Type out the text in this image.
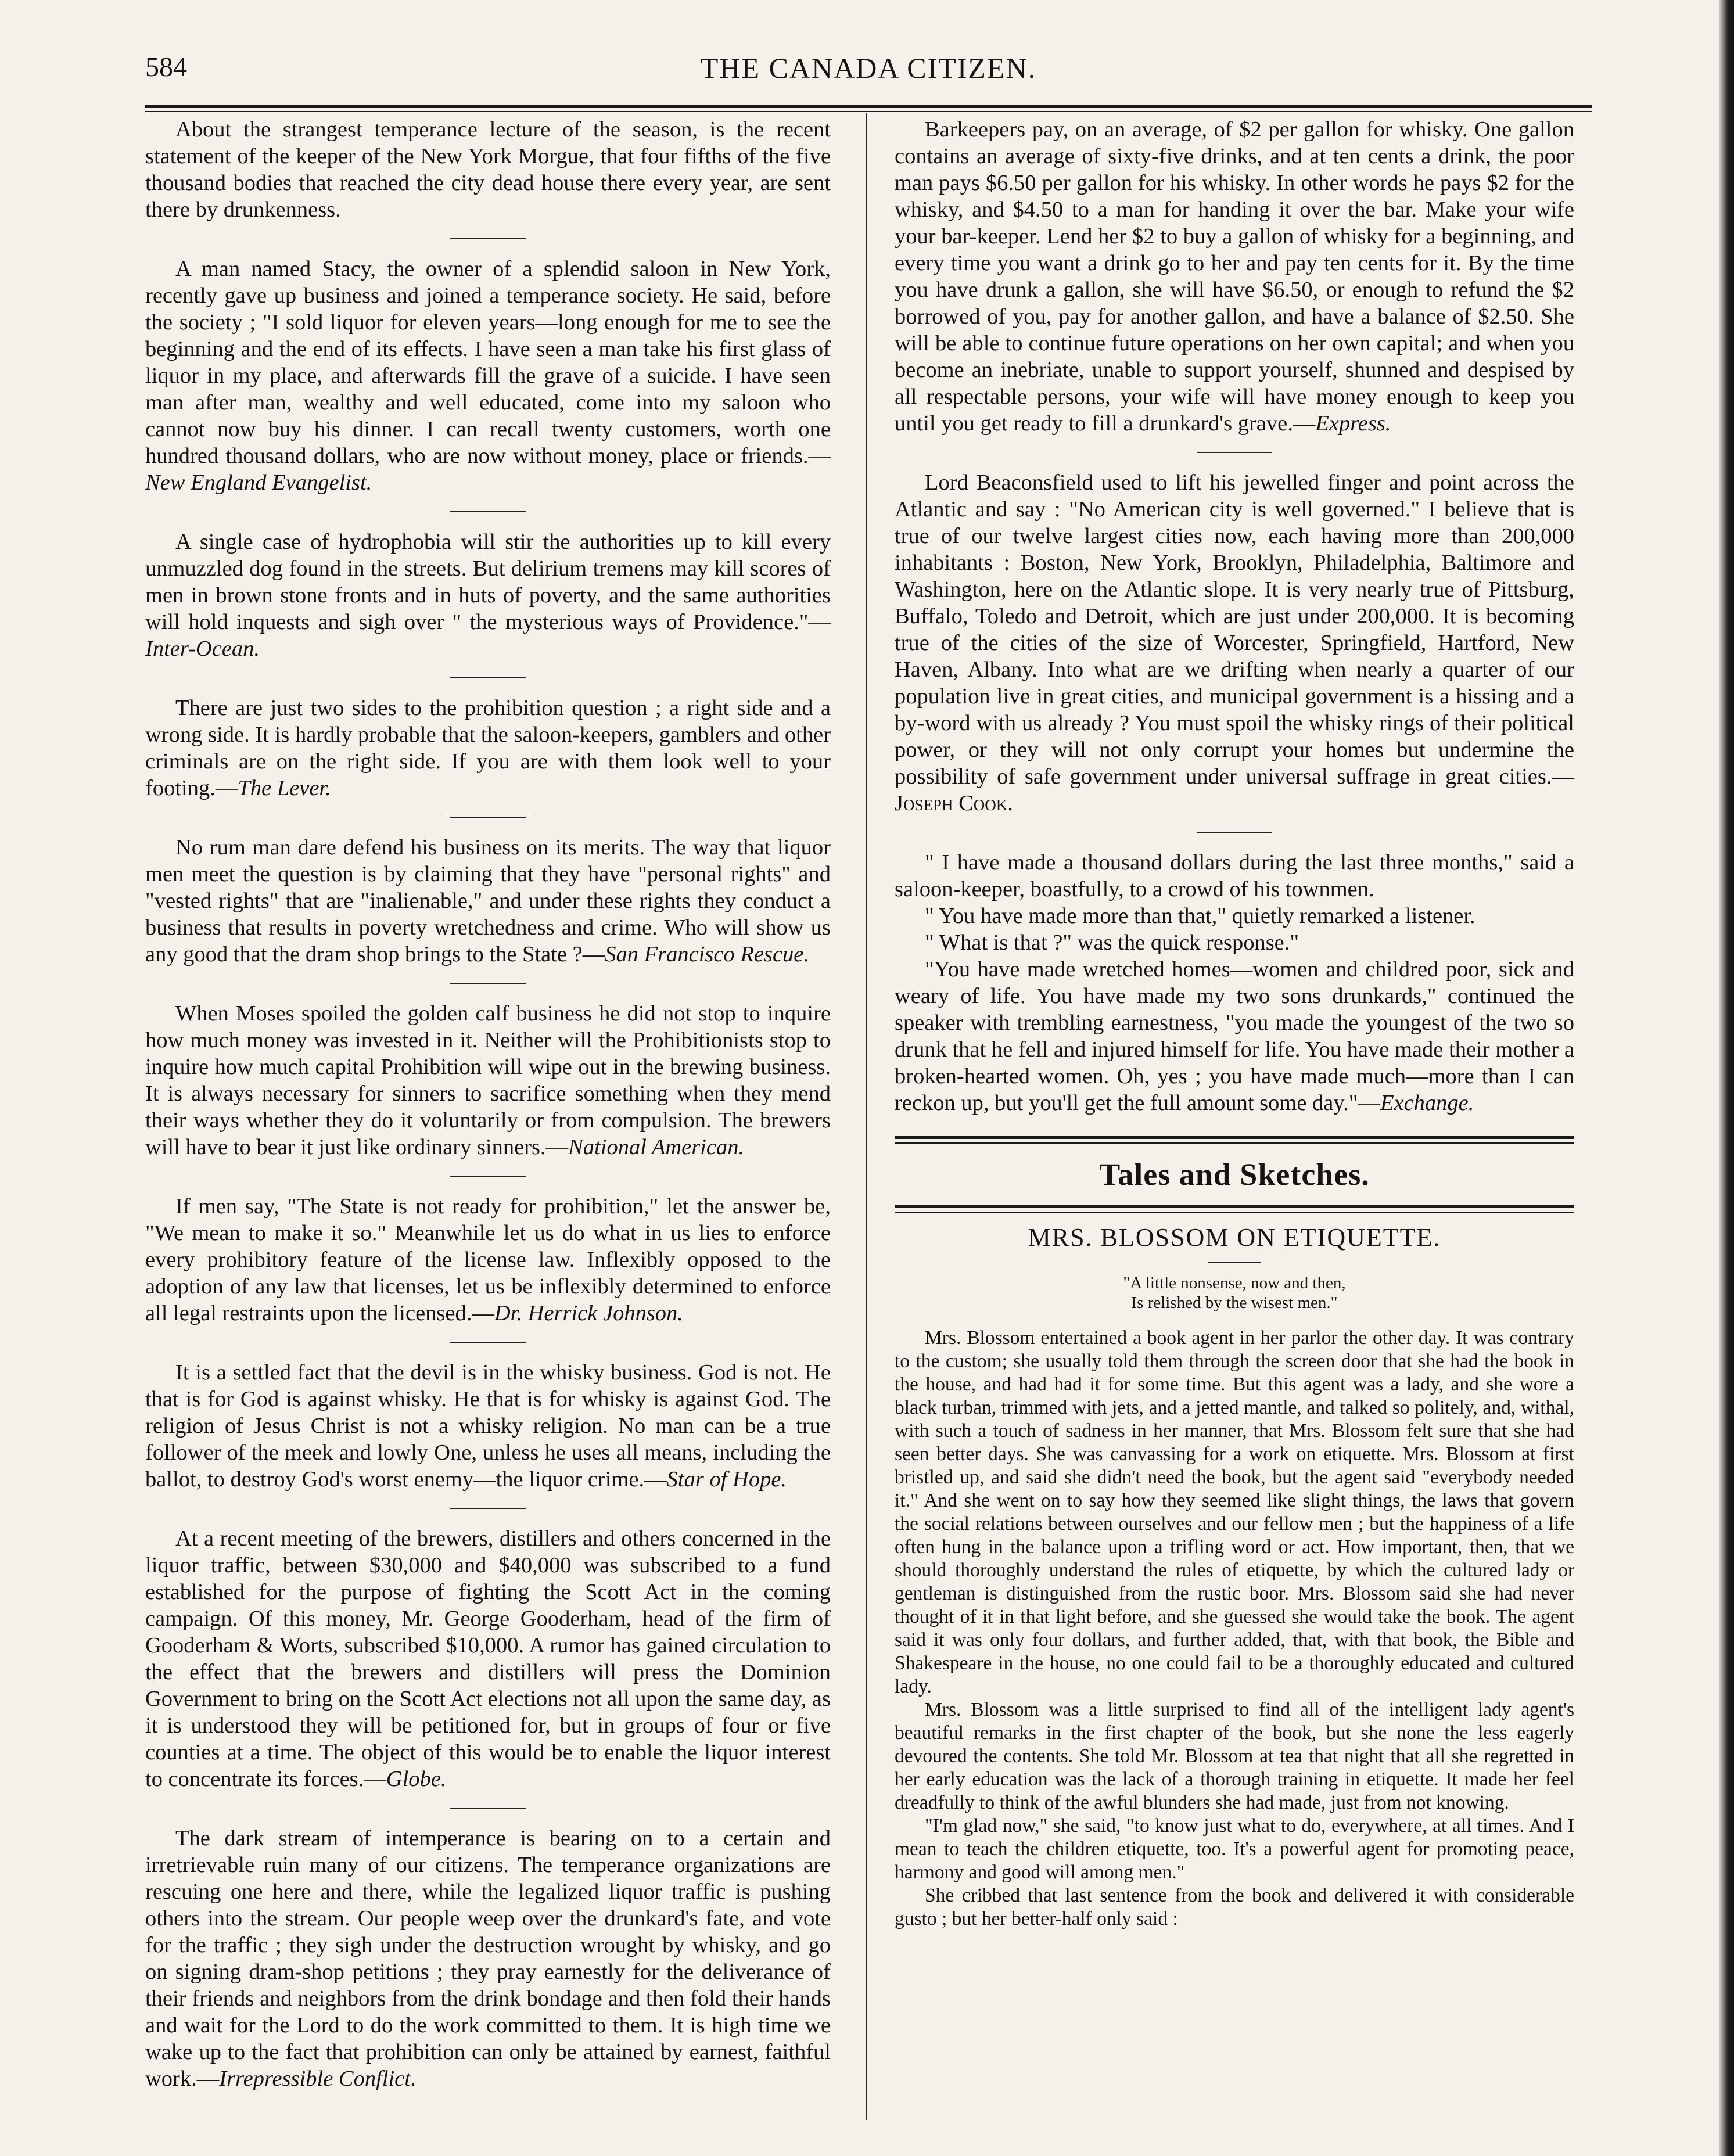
584	THE CANADA CITIZEN.

About the strangest temperance lecture of the season, is the recent statement of the keeper of the New York Morgue, that four fifths of the five thousand bodies that reached the city dead house there every year, are sent there by drunkenness.

A man named Stacy, the owner of a splendid saloon in New York, recently gave up business and joined a temperance society. He said, before the society ; "I sold liquor for eleven years—long enough for me to see the beginning and the end of its effects. I have seen a man take his first glass of liquor in my place, and afterwards fill the grave of a suicide. I have seen man after man, wealthy and well educated, come into my saloon who cannot now buy his dinner. I can recall twenty customers, worth one hundred thousand dollars, who are now without money, place or friends.—New England Evangelist.

A single case of hydrophobia will stir the authorities up to kill every unmuzzled dog found in the streets. But delirium tremens may kill scores of men in brown stone fronts and in huts of poverty, and the same authorities will hold inquests and sigh over " the mysterious ways of Providence."—Inter-Ocean.

There are just two sides to the prohibition question ; a right side and a wrong side. It is hardly probable that the saloon-keepers, gamblers and other criminals are on the right side. If you are with them look well to your footing.—The Lever.

No rum man dare defend his business on its merits. The way that liquor men meet the question is by claiming that they have "personal rights" and "vested rights" that are "inalienable," and under these rights they conduct a business that results in poverty wretchedness and crime. Who will show us any good that the dram shop brings to the State ?—San Francisco Rescue.

When Moses spoiled the golden calf business he did not stop to inquire how much money was invested in it. Neither will the Prohibitionists stop to inquire how much capital Prohibition will wipe out in the brewing business. It is always necessary for sinners to sacrifice something when they mend their ways whether they do it voluntarily or from compulsion. The brewers will have to bear it just like ordinary sinners.—National American.

If men say, "The State is not ready for prohibition," let the answer be, "We mean to make it so." Meanwhile let us do what in us lies to enforce every prohibitory feature of the license law. Inflexibly opposed to the adoption of any law that licenses, let us be inflexibly determined to enforce all legal restraints upon the licensed.—Dr. Herrick Johnson.

It is a settled fact that the devil is in the whisky business. God is not. He that is for God is against whisky. He that is for whisky is against God. The religion of Jesus Christ is not a whisky religion. No man can be a true follower of the meek and lowly One, unless he uses all means, including the ballot, to destroy God's worst enemy—the liquor crime.—Star of Hope.

At a recent meeting of the brewers, distillers and others concerned in the liquor traffic, between $30,000 and $40,000 was subscribed to a fund established for the purpose of fighting the Scott Act in the coming campaign. Of this money, Mr. George Gooderham, head of the firm of Gooderham & Worts, subscribed $10,000. A rumor has gained circulation to the effect that the brewers and distillers will press the Dominion Government to bring on the Scott Act elections not all upon the same day, as it is understood they will be petitioned for, but in groups of four or five counties at a time. The object of this would be to enable the liquor interest to concentrate its forces.—Globe.

The dark stream of intemperance is bearing on to a certain and irretrievable ruin many of our citizens. The temperance organizations are rescuing one here and there, while the legalized liquor traffic is pushing others into the stream. Our people weep over the drunkard's fate, and vote for the traffic ; they sigh under the destruction wrought by whisky, and go on signing dram-shop petitions ; they pray earnestly for the deliverance of their friends and neighbors from the drink bondage and then fold their hands and wait for the Lord to do the work committed to them. It is high time we wake up to the fact that prohibition can only be attained by earnest, faithful work.—Irrepressible Conflict.

Barkeepers pay, on an average, of $2 per gallon for whisky. One gallon contains an average of sixty-five drinks, and at ten cents a drink, the poor man pays $6.50 per gallon for his whisky. In other words he pays $2 for the whisky, and $4.50 to a man for handing it over the bar. Make your wife your bar-keeper. Lend her $2 to buy a gallon of whisky for a beginning, and every time you want a drink go to her and pay ten cents for it. By the time you have drunk a gallon, she will have $6.50, or enough to refund the $2 borrowed of you, pay for another gallon, and have a balance of $2.50. She will be able to continue future operations on her own capital; and when you become an inebriate, unable to support yourself, shunned and despised by all respectable persons, your wife will have money enough to keep you until you get ready to fill a drunkard's grave.—Express.

Lord Beaconsfield used to lift his jewelled finger and point across the Atlantic and say : "No American city is well governed." I believe that is true of our twelve largest cities now, each having more than 200,000 inhabitants : Boston, New York, Brooklyn, Philadelphia, Baltimore and Washington, here on the Atlantic slope. It is very nearly true of Pittsburg, Buffalo, Toledo and Detroit, which are just under 200,000. It is becoming true of the cities of the size of Worcester, Springfield, Hartford, New Haven, Albany. Into what are we drifting when nearly a quarter of our population live in great cities, and municipal government is a hissing and a by-word with us already ? You must spoil the whisky rings of their political power, or they will not only corrupt your homes but undermine the possibility of safe government under universal suffrage in great cities.—Joseph Cook.

" I have made a thousand dollars during the last three months," said a saloon-keeper, boastfully, to a crowd of his townmen.

" You have made more than that," quietly remarked a listener.

" What is that ?" was the quick response."

"You have made wretched homes—women and childred poor, sick and weary of life. You have made my two sons drunkards," continued the speaker with trembling earnestness, "you made the youngest of the two so drunk that he fell and injured himself for life. You have made their mother a broken-hearted women. Oh, yes ; you have made much—more than I can reckon up, but you'll get the full amount some day."—Exchange.

Tales and Sketches.
MRS. BLOSSOM ON ETIQUETTE.
"A little nonsense, now and then,
Is relished by the wisest men."

Mrs. Blossom entertained a book agent in her parlor the other day. It was contrary to the custom; she usually told them through the screen door that she had the book in the house, and had had it for some time. But this agent was a lady, and she wore a black turban, trimmed with jets, and a jetted mantle, and talked so politely, and, withal, with such a touch of sadness in her manner, that Mrs. Blossom felt sure that she had seen better days. She was canvassing for a work on etiquette. Mrs. Blossom at first bristled up, and said she didn't need the book, but the agent said "everybody needed it." And she went on to say how they seemed like slight things, the laws that govern the social relations between ourselves and our fellow men ; but the happiness of a life often hung in the balance upon a trifling word or act. How important, then, that we should thoroughly understand the rules of etiquette, by which the cultured lady or gentleman is distinguished from the rustic boor. Mrs. Blossom said she had never thought of it in that light before, and she guessed she would take the book. The agent said it was only four dollars, and further added, that, with that book, the Bible and Shakespeare in the house, no one could fail to be a thoroughly educated and cultured lady.

Mrs. Blossom was a little surprised to find all of the intelligent lady agent's beautiful remarks in the first chapter of the book, but she none the less eagerly devoured the contents. She told Mr. Blossom at tea that night that all she regretted in her early education was the lack of a thorough training in etiquette. It made her feel dreadfully to think of the awful blunders she had made, just from not knowing.

"I'm glad now," she said, "to know just what to do, everywhere, at all times. And I mean to teach the children etiquette, too. It's a powerful agent for promoting peace, harmony and good will among men."

She cribbed that last sentence from the book and delivered it with considerable gusto ; but her better-half only said :
